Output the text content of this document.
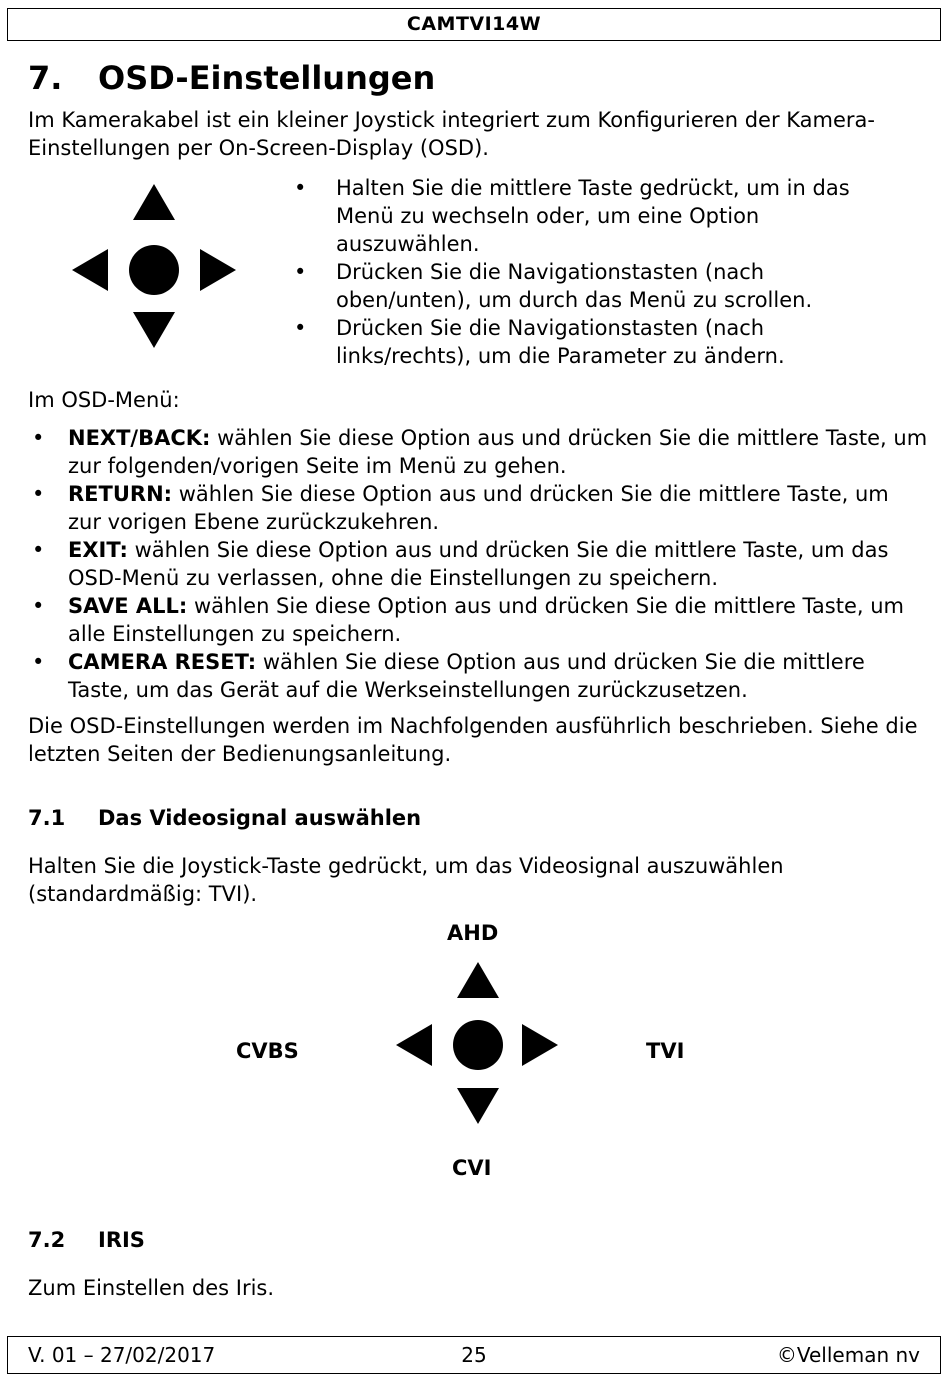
CAMTVI14W
7. OSD-Einstellungen

Im Kamerakabel ist ein kleiner Joystick integriert zum Konfigurieren der Kamera-Einstellungen per On-Screen-Display (OSD).

• Halten Sie die mittlere Taste gedrückt, um in das Menü zu wechseln oder, um eine Option auszuwählen.
• Drücken Sie die Navigationstasten (nach oben/unten), um durch das Menü zu scrollen.
• Drücken Sie die Navigationstasten (nach links/rechts), um die Parameter zu ändern.

Im OSD-Menü:

• NEXT/BACK: wählen Sie diese Option aus und drücken Sie die mittlere Taste, um zur folgenden/vorigen Seite im Menü zu gehen.
• RETURN: wählen Sie diese Option aus und drücken Sie die mittlere Taste, um zur vorigen Ebene zurückzukehren.
• EXIT: wählen Sie diese Option aus und drücken Sie die mittlere Taste, um das OSD-Menü zu verlassen, ohne die Einstellungen zu speichern.
• SAVE ALL: wählen Sie diese Option aus und drücken Sie die mittlere Taste, um alle Einstellungen zu speichern.
• CAMERA RESET: wählen Sie diese Option aus und drücken Sie die mittlere Taste, um das Gerät auf die Werkseinstellungen zurückzusetzen.

Die OSD-Einstellungen werden im Nachfolgenden ausführlich beschrieben. Siehe die letzten Seiten der Bedienungsanleitung.

7.1 Das Videosignal auswählen

Halten Sie die Joystick-Taste gedrückt, um das Videosignal auszuwählen (standardmäßig: TVI).

AHD
CVBS	TVI
CVI
7.2 IRIS

Zum Einstellen des Iris.

V. 01 – 27/02/2017	25	©Velleman nv
